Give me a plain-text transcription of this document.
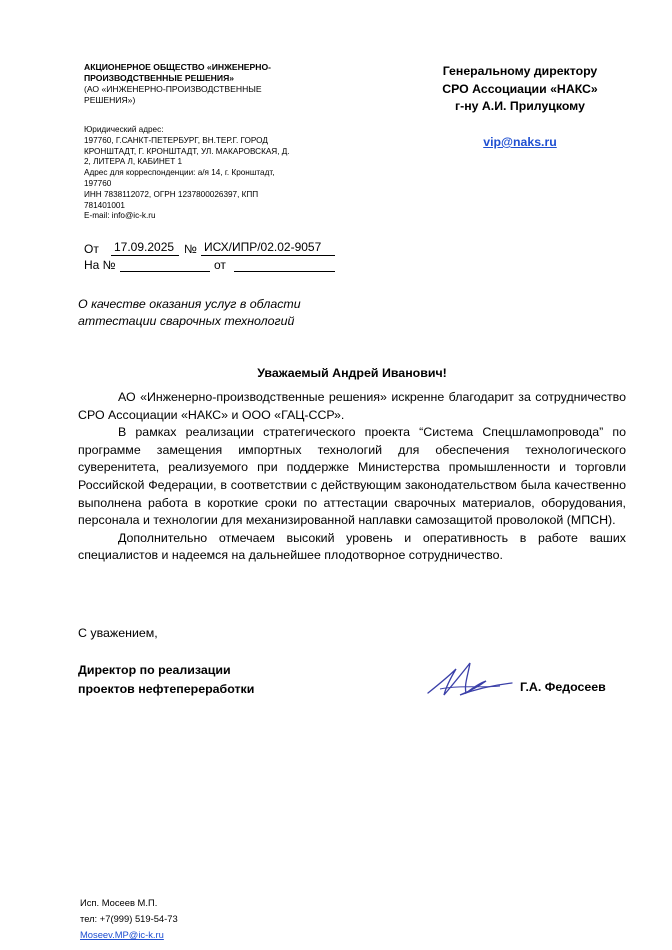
АКЦИОНЕРНОЕ ОБЩЕСТВО «ИНЖЕНЕРНО-
ПРОИЗВОДСТВЕННЫЕ РЕШЕНИЯ»
(АО «ИНЖЕНЕРНО-ПРОИЗВОДСТВЕННЫЕ
РЕШЕНИЯ»)
Юридический адрес:
197760, Г.САНКТ-ПЕТЕРБУРГ, ВН.ТЕР.Г. ГОРОД
КРОНШТАДТ, Г. КРОНШТАДТ, УЛ. МАКАРОВСКАЯ, Д.
2, ЛИТЕРА Л, КАБИНЕТ 1
Адрес для корреспонденции: а/я 14, г. Кронштадт,
197760
ИНН 7838112072, ОГРН 1237800026397, КПП
781401001
E-mail: info@ic-k.ru
От 17.09.2025 № ИСХ/ИПР/02.02-9057
На №	от
Генеральному директору
СРО Ассоциации «НАКС»
г-ну А.И. Прилуцкому
vip@naks.ru
О качестве оказания услуг в области
аттестации сварочных технологий
Уважаемый Андрей Иванович!

АО «Инженерно-производственные решения» искренне благодарит за сотрудничество СРО Ассоциации «НАКС» и ООО «ГАЦ-ССР».

В рамках реализации стратегического проекта “Система Спецшламопровода” по программе замещения импортных технологий для обеспечения технологического суверенитета, реализуемого при поддержке Министерства промышленности и торговли Российской Федерации, в соответствии с действующим законодательством была качественно выполнена работа в короткие сроки по аттестации сварочных материалов, оборудования, персонала и технологии для механизированной наплавки самозащитой проволокой (МПСН).

Дополнительно отмечаем высокий уровень и оперативность в работе ваших специалистов и надеемся на дальнейшее плодотворное сотрудничество.

С уважением,
Директор по реализации
проектов нефтепереработки	Г.А. Федосеев
Исп. Мосеев М.П.
тел: +7(999) 519-54-73
Moseev.MP@ic-k.ru
